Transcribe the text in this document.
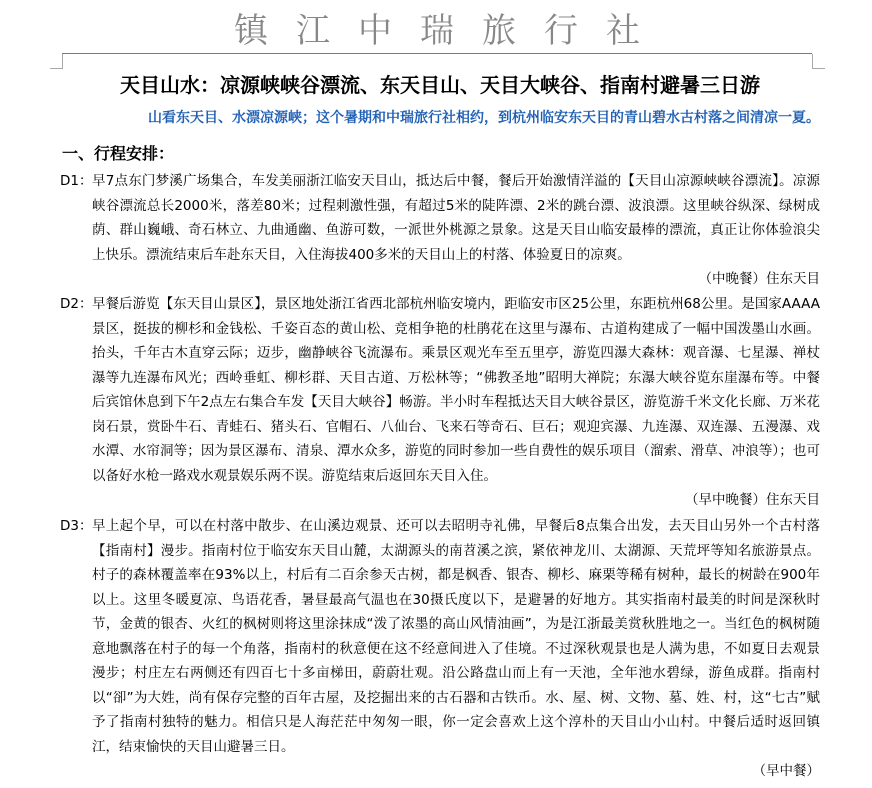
镇江中瑞旅行社
天目山水：凉源峡峡谷漂流、东天目山、天目大峡谷、指南村避暑三日游
山看东天目、水漂凉源峡；这个暑期和中瑞旅行社相约，到杭州临安东天目的青山碧水古村落之间清凉一夏。
一、行程安排：
D1： 早7点东门梦溪广场集合，车发美丽浙江临安天目山，抵达后中餐，餐后开始激情洋溢的【天目山凉源峡峡谷漂流】。凉源峡谷漂流总长2000米，落差80米；过程刺激性强，有超过5米的陡阵漂、2米的跳台漂、波浪漂。这里峡谷纵深、绿树成荫、群山巍峨、奇石林立、九曲通幽、鱼游可数，一派世外桃源之景象。这是天目山临安最棒的漂流，真正让你体验浪尖上快乐。漂流结束后车赴东天目，入住海拔400多米的天目山上的村落、体验夏日的凉爽。
（中晚餐）住东天目
D2： 早餐后游览【东天目山景区】，景区地处浙江省西北部杭州临安境内，距临安市区25公里，东距杭州68公里。是国家AAAA景区，挺拔的柳杉和金钱松、千姿百态的黄山松、竞相争艳的杜鹃花在这里与瀑布、古道构建成了一幅中国泼墨山水画。抬头，千年古木直穿云际；迈步，幽静峡谷飞流瀑布。乘景区观光车至五里亭，游览四瀑大森林：观音瀑、七星瀑、禅杖瀑等九连瀑布风光；西岭垂虹、柳杉群、天目古道、万松林等；“佛教圣地”昭明大禅院；东瀑大峡谷览东崖瀑布等。中餐后宾馆休息到下午2点左右集合车发【天目大峡谷】畅游。半小时车程抵达天目大峡谷景区，游览游千米文化长廊、万米花岗石景，赏卧牛石、青蛙石、猪头石、官帽石、八仙台、飞来石等奇石、巨石；观迎宾瀑、九连瀑、双连瀑、五漫瀑、戏水潭、水帘洞等；因为景区瀑布、清泉、潭水众多，游览的同时参加一些自费性的娱乐项目（溜索、滑草、冲浪等）；也可以备好水枪一路戏水观景娱乐两不误。游览结束后返回东天目入住。
（早中晚餐）住东天目
D3： 早上起个早，可以在村落中散步、在山溪边观景、还可以去昭明寺礼佛，早餐后8点集合出发，去天目山另外一个古村落【指南村】漫步。指南村位于临安东天目山麓，太湖源头的南苕溪之滨，紧依神龙川、太湖源、天荒坪等知名旅游景点。村子的森林覆盖率在93%以上，村后有二百余参天古树，都是枫香、银杏、柳杉、麻栗等稀有树种，最长的树龄在900年以上。这里冬暖夏凉、鸟语花香，暑昼最高气温也在30摄氏度以下，是避暑的好地方。其实指南村最美的时间是深秋时节，金黄的银杏、火红的枫树则将这里涂抹成“泼了浓墨的高山风情油画”，为是江浙最美赏秋胜地之一。当红色的枫树随意地飘落在村子的每一个角落，指南村的秋意便在这不经意间进入了佳境。不过深秋观景也是人满为患，不如夏日去观景漫步；村庄左右两侧还有四百七十多亩梯田，蔚蔚壮观。沿公路盘山而上有一天池，全年池水碧绿，游鱼成群。指南村以“卻”为大姓，尚有保存完整的百年古屋，及挖掘出来的古石器和古铁币。水、屋、树、文物、墓、姓、村，这“七古”赋予了指南村独特的魅力。相信只是人海茫茫中匆匆一眼，你一定会喜欢上这个淳朴的天目山小山村。中餐后适时返回镇江，结束愉快的天目山避暑三日。
（早中餐）
